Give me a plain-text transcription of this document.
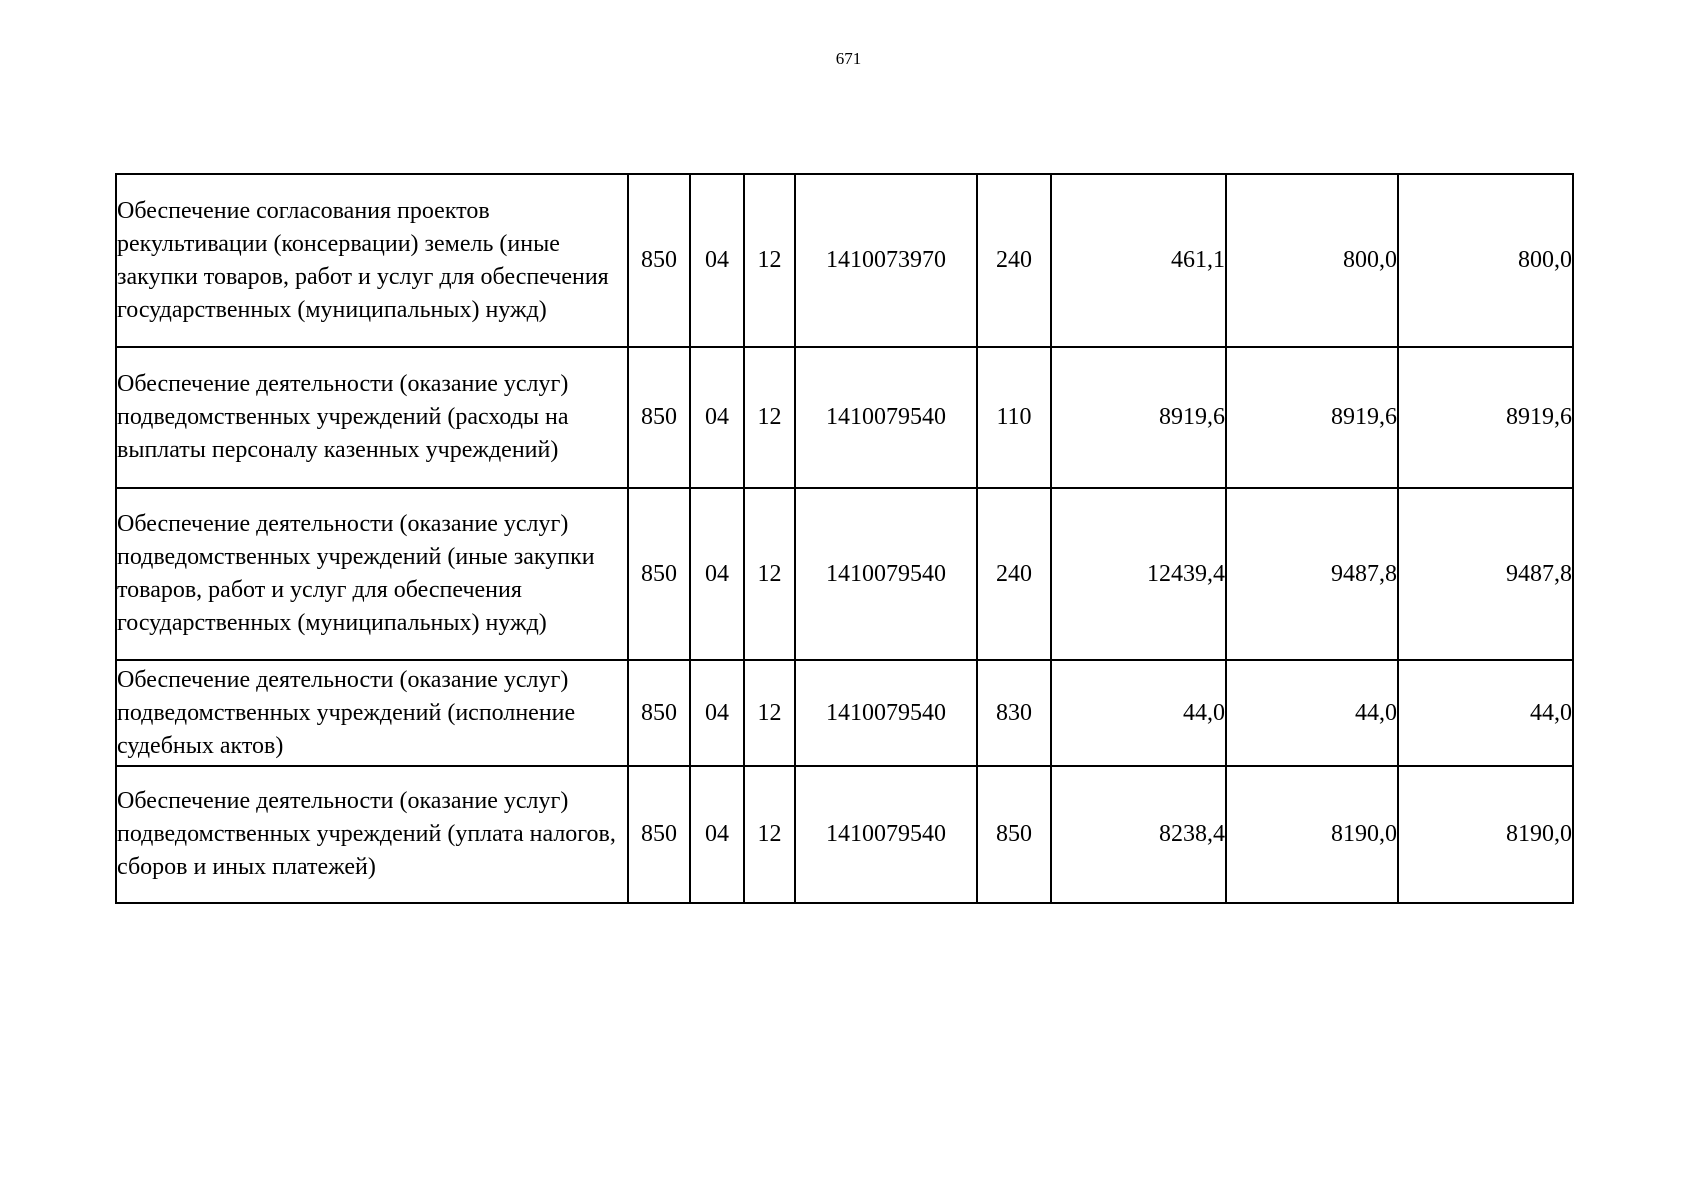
671
Обеспечение согласования проектов рекультивации (консервации) земель (иные закупки товаров, работ и услуг для обеспечения государственных (муниципальных) нужд)	850	04	12	1410073970	240	461,1	800,0	800,0
Обеспечение деятельности (оказание услуг) подведомственных учреждений (расходы на выплаты персоналу казенных учреждений)	850	04	12	1410079540	110	8919,6	8919,6	8919,6
Обеспечение деятельности (оказание услуг) подведомственных учреждений (иные закупки товаров, работ и услуг для обеспечения государственных (муниципальных) нужд)	850	04	12	1410079540	240	12439,4	9487,8	9487,8
Обеспечение деятельности (оказание услуг) подведомственных учреждений (исполнение судебных актов)	850	04	12	1410079540	830	44,0	44,0	44,0
Обеспечение деятельности (оказание услуг) подведомственных учреждений (уплата налогов, сборов и иных платежей)	850	04	12	1410079540	850	8238,4	8190,0	8190,0
